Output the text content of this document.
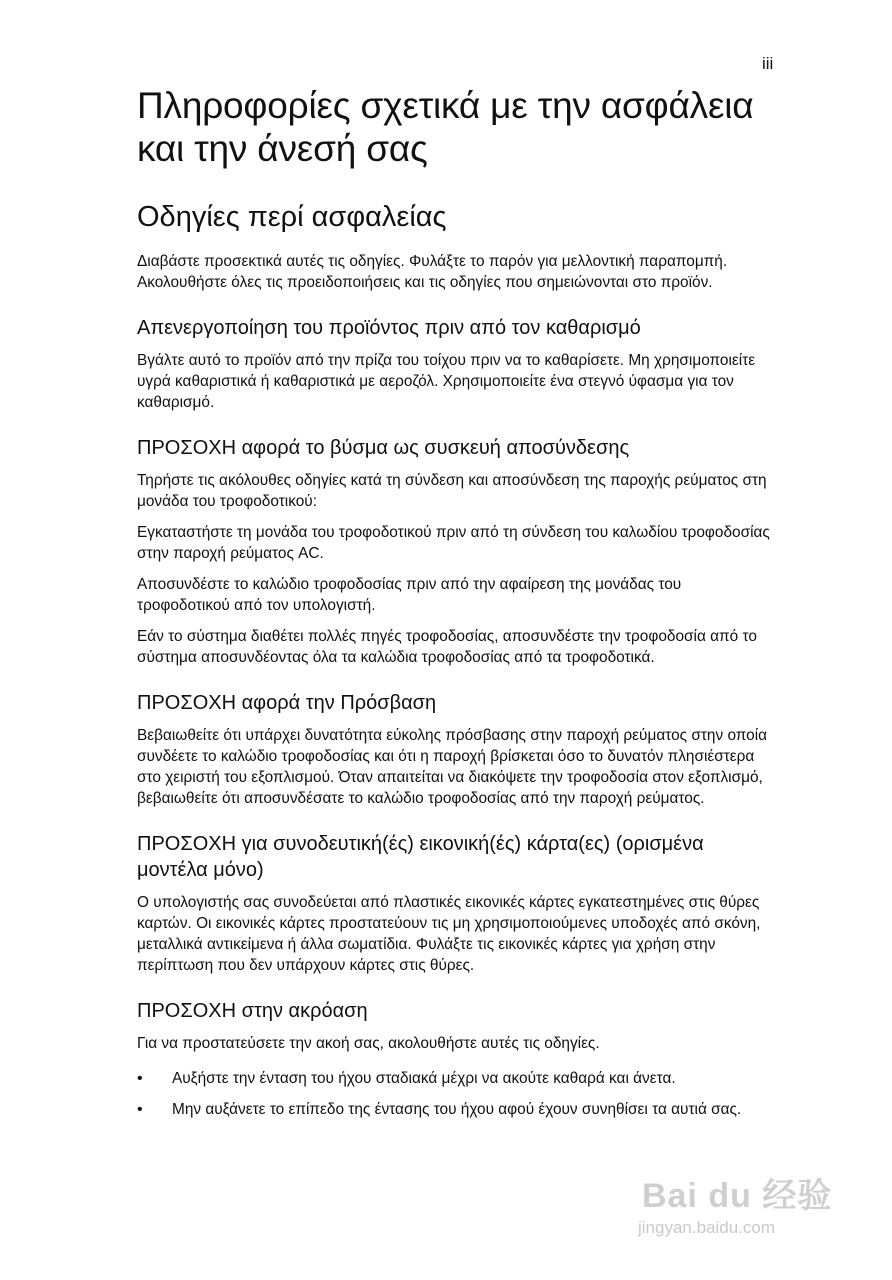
iii
Πληροφορίες σχετικά με την ασφάλεια και την άνεσή σας
Οδηγίες περί ασφαλείας

Διαβάστε προσεκτικά αυτές τις οδηγίες. Φυλάξτε το παρόν για μελλοντική παραπομπή. Ακολουθήστε όλες τις προειδοποιήσεις και τις οδηγίες που σημειώνονται στο προϊόν.

Απενεργοποίηση του προϊόντος πριν από τον καθαρισμό

Βγάλτε αυτό το προϊόν από την πρίζα του τοίχου πριν να το καθαρίσετε. Μη χρησιμοποιείτε υγρά καθαριστικά ή καθαριστικά με αεροζόλ. Χρησιμοποιείτε ένα στεγνό ύφασμα για τον καθαρισμό.

ΠΡΟΣΟΧΗ αφορά το βύσμα ως συσκευή αποσύνδεσης

Τηρήστε τις ακόλουθες οδηγίες κατά τη σύνδεση και αποσύνδεση της παροχής ρεύματος στη μονάδα του τροφοδοτικού:

Εγκαταστήστε τη μονάδα του τροφοδοτικού πριν από τη σύνδεση του καλωδίου τροφοδοσίας στην παροχή ρεύματος AC.

Αποσυνδέστε το καλώδιο τροφοδοσίας πριν από την αφαίρεση της μονάδας του τροφοδοτικού από τον υπολογιστή.

Εάν το σύστημα διαθέτει πολλές πηγές τροφοδοσίας, αποσυνδέστε την τροφοδοσία από το σύστημα αποσυνδέοντας όλα τα καλώδια τροφοδοσίας από τα τροφοδοτικά.

ΠΡΟΣΟΧΗ αφορά την Πρόσβαση

Βεβαιωθείτε ότι υπάρχει δυνατότητα εύκολης πρόσβασης στην παροχή ρεύματος στην οποία συνδέετε το καλώδιο τροφοδοσίας και ότι η παροχή βρίσκεται όσο το δυνατόν πλησιέστερα στο χειριστή του εξοπλισμού. Όταν απαιτείται να διακόψετε την τροφοδοσία στον εξοπλισμό, βεβαιωθείτε ότι αποσυνδέσατε το καλώδιο τροφοδοσίας από την παροχή ρεύματος.

ΠΡΟΣΟΧΗ για συνοδευτική(ές) εικονική(ές) κάρτα(ες) (ορισμένα μοντέλα μόνο)

Ο υπολογιστής σας συνοδεύεται από πλαστικές εικονικές κάρτες εγκατεστημένες στις θύρες καρτών. Οι εικονικές κάρτες προστατεύουν τις μη χρησιμοποιούμενες υποδοχές από σκόνη, μεταλλικά αντικείμενα ή άλλα σωματίδια. Φυλάξτε τις εικονικές κάρτες για χρήση στην περίπτωση που δεν υπάρχουν κάρτες στις θύρες.

ΠΡΟΣΟΧΗ στην ακρόαση

Για να προστατεύσετε την ακοή σας, ακολουθήστε αυτές τις οδηγίες.

• Αυξήστε την ένταση του ήχου σταδιακά μέχρι να ακούτε καθαρά και άνετα.
• Μην αυξάνετε το επίπεδο της έντασης του ήχου αφού έχουν συνηθίσει τα αυτιά σας.
Bai du 经验
jingyan.baidu.com
